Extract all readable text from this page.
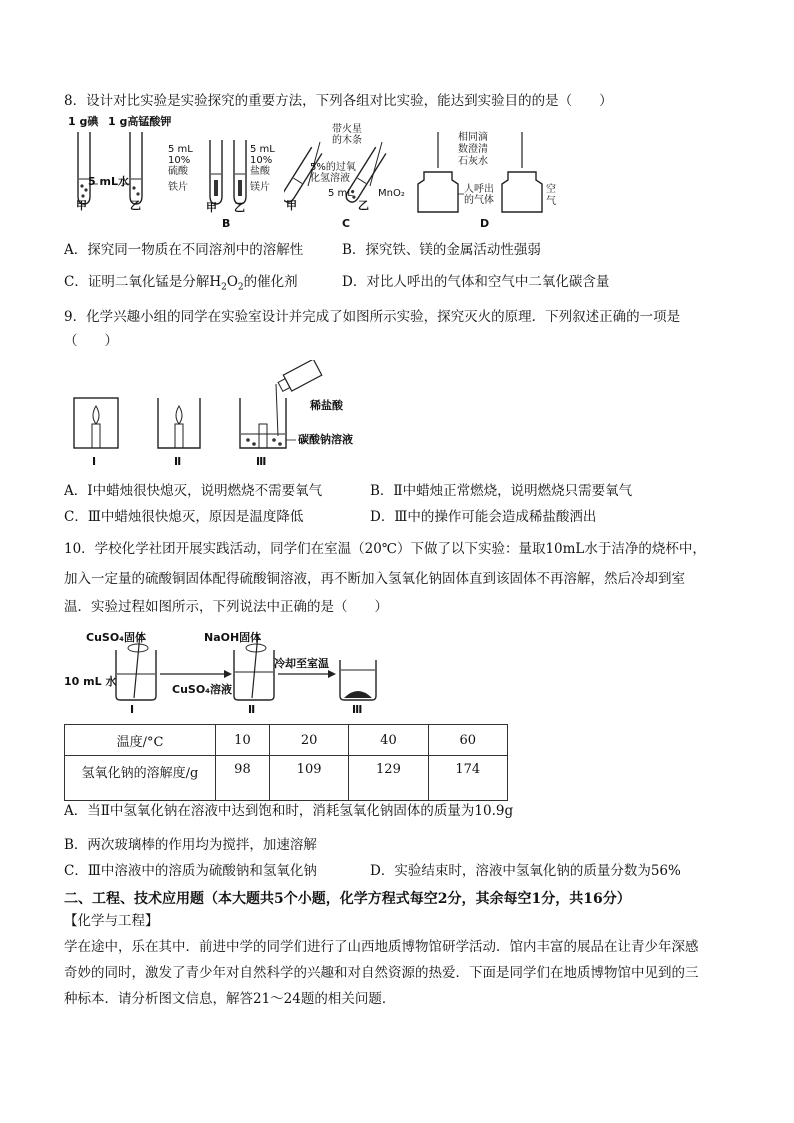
8．设计对比实验是实验探究的重要方法，下列各组对比实验，能达到实验目的的是（　　）
1 g碘 1 g高锰酸钾
5 mL水
甲	乙
5 mL
10%
硫酸
铁片
5 mL
10%
盐酸
镁片
甲 乙
B
带火星
的木条
5%的过氧
化氢溶液
5 mL	MnO₂
甲	乙
C
相同滴
数澄清
石灰水
人呼出
的气体
空
气
D
A．探究同一物质在不同溶剂中的溶解性	B．探究铁、镁的金属活动性强弱
C．证明二氧化锰是分解$H_2O_2$的催化剂	D．对比人呼出的气体和空气中二氧化碳含量
9．化学兴趣小组的同学在实验室设计并完成了如图所示实验，探究灭火的原理．下列叙述正确的一项是
（　　）
稀盐酸
碳酸钠溶液
Ⅰ	Ⅱ	Ⅲ
A．I中蜡烛很快熄灭，说明燃烧不需要氧气	B．Ⅱ中蜡烛正常燃烧，说明燃烧只需要氧气
C．Ⅲ中蜡烛很快熄灭，原因是温度降低	D．Ⅲ中的操作可能会造成稀盐酸洒出
10．学校化学社团开展实践活动，同学们在室温（20℃）下做了以下实验：量取10mL水于洁净的烧杯中，
加入一定量的硫酸铜固体配得硫酸铜溶液，再不断加入氢氧化钠固体直到该固体不再溶解，然后冷却到室
温．实验过程如图所示，下列说法中正确的是（　　）
CuSO₄固体
10 mL 水
NaOH固体
CuSO₄溶液
冷却至室温
Ⅰ	Ⅱ	Ⅲ
温度/°C	10	20	40	60
氢氧化钠的溶解度/g	98	109	129	174
A．当Ⅱ中氢氧化钠在溶液中达到饱和时，消耗氢氧化钠固体的质量为10.9g
B．两次玻璃棒的作用均为搅拌，加速溶解
C．Ⅲ中溶液中的溶质为硫酸钠和氢氧化钠	D．实验结束时，溶液中氢氧化钠的质量分数为56%
二、工程、技术应用题（本大题共5个小题，化学方程式每空2分，其余每空1分，共16分）
【化学与工程】
学在途中，乐在其中．前进中学的同学们进行了山西地质博物馆研学活动．馆内丰富的展品在让青少年深感
奇妙的同时，激发了青少年对自然科学的兴趣和对自然资源的热爱．下面是同学们在地质博物馆中见到的三
种标本．请分析图文信息，解答21～24题的相关问题．
